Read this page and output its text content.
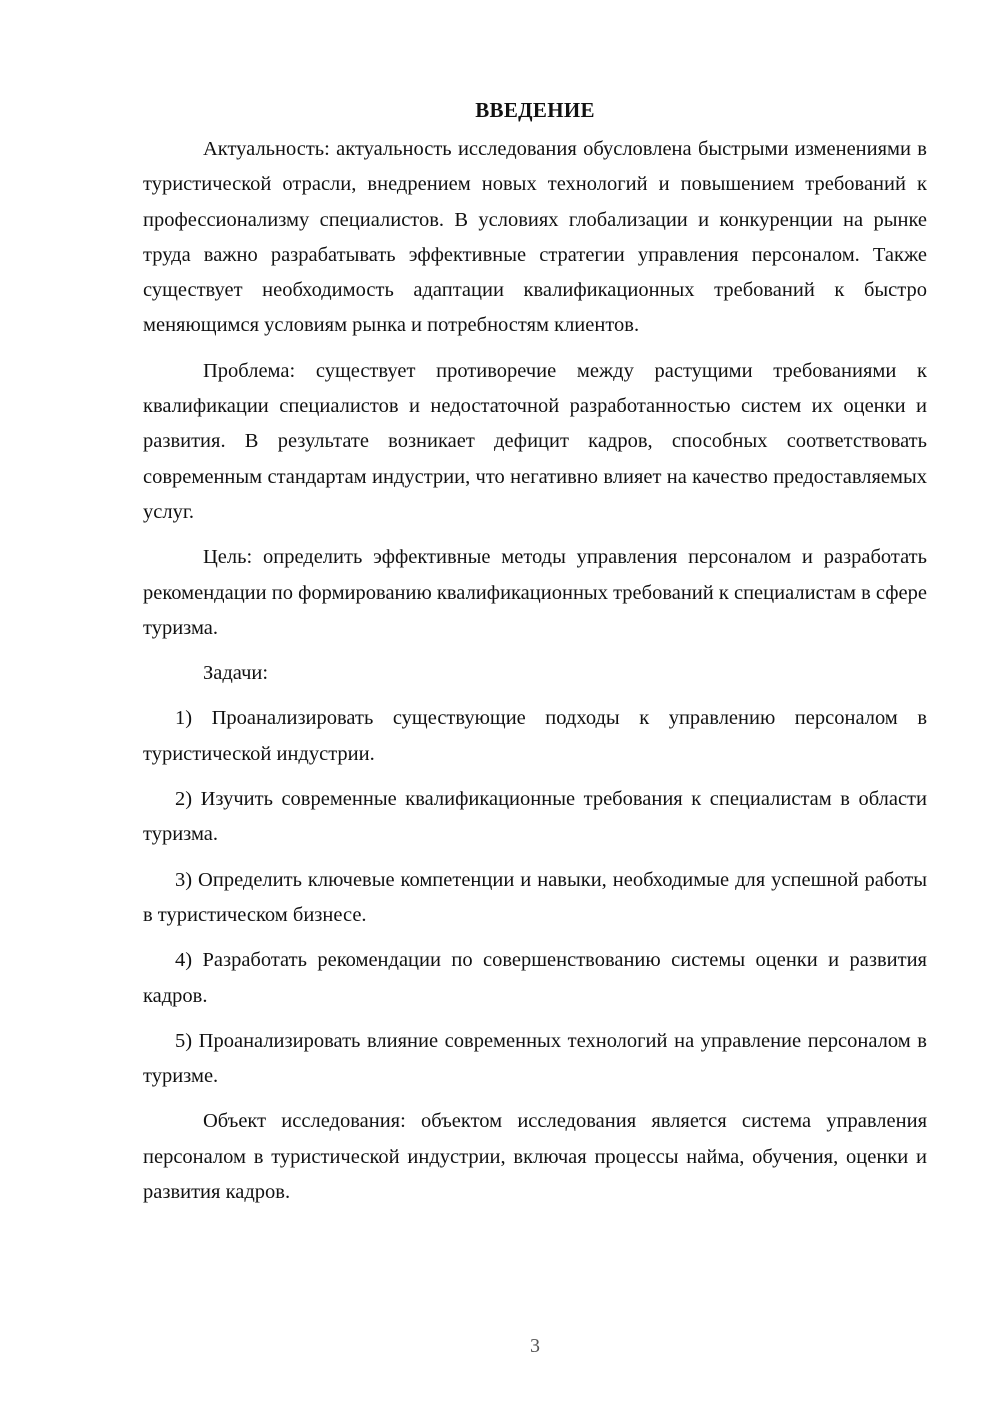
ВВЕДЕНИЕ

Актуальность: актуальность исследования обусловлена быстрыми изменениями в туристической отрасли, внедрением новых технологий и повышением требований к профессионализму специалистов. В условиях глобализации и конкуренции на рынке труда важно разрабатывать эффективные стратегии управления персоналом. Также существует необходимость адаптации квалификационных требований к быстро меняющимся условиям рынка и потребностям клиентов.

Проблема: существует противоречие между растущими требованиями к квалификации специалистов и недостаточной разработанностью систем их оценки и развития. В результате возникает дефицит кадров, способных соответствовать современным стандартам индустрии, что негативно влияет на качество предоставляемых услуг.

Цель: определить эффективные методы управления персоналом и разработать рекомендации по формированию квалификационных требований к специалистам в сфере туризма.

Задачи:

1) Проанализировать существующие подходы к управлению персоналом в туристической индустрии.

2) Изучить современные квалификационные требования к специалистам в области туризма.

3) Определить ключевые компетенции и навыки, необходимые для успешной работы в туристическом бизнесе.

4) Разработать рекомендации по совершенствованию системы оценки и развития кадров.

5) Проанализировать влияние современных технологий на управление персоналом в туризме.

Объект исследования: объектом исследования является система управления персоналом в туристической индустрии, включая процессы найма, обучения, оценки и развития кадров.

3
